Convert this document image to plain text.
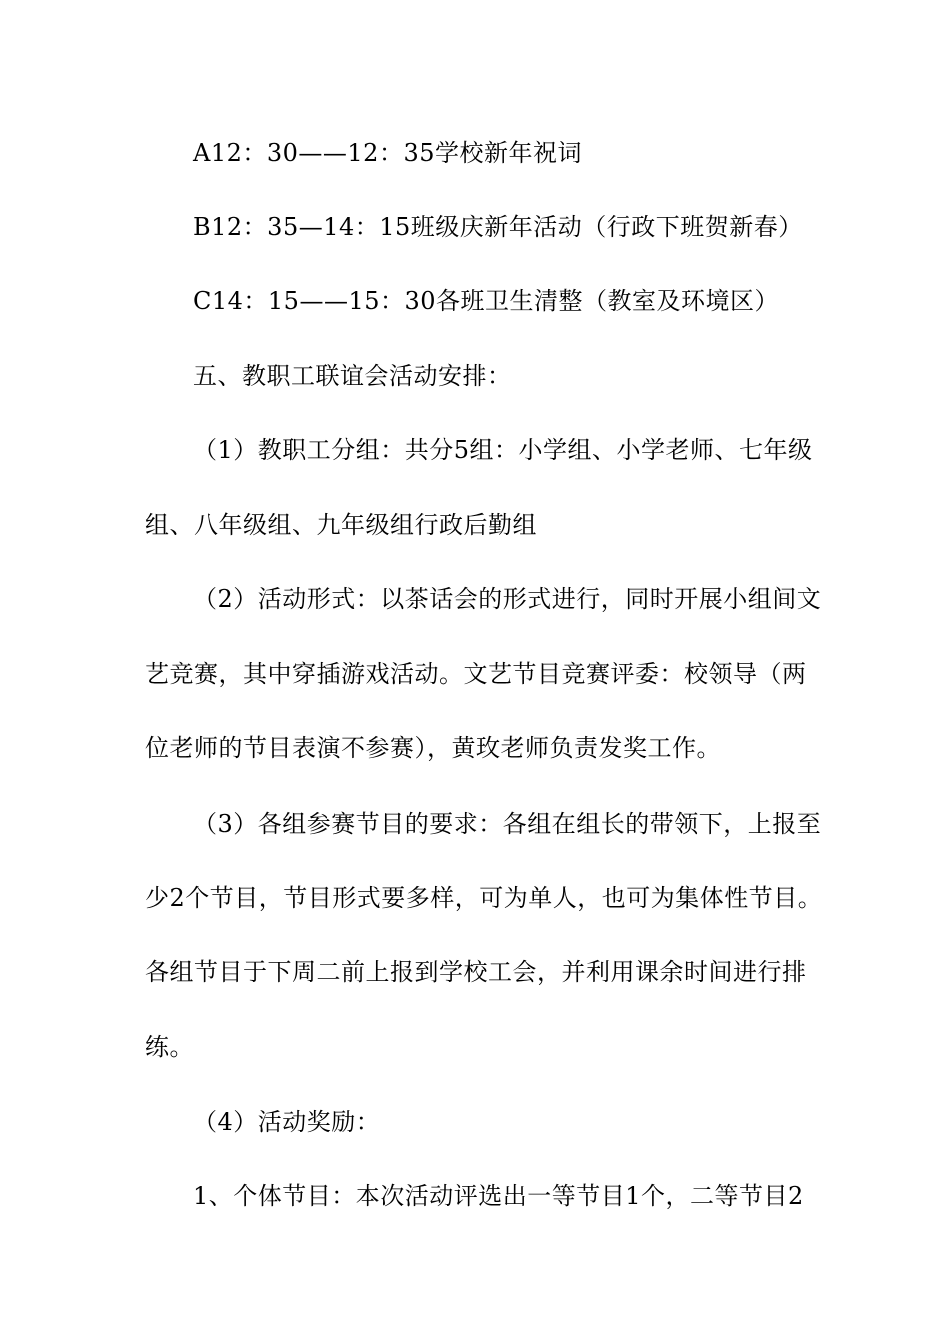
A12：30——12：35学校新年祝词
B12：35—14：15班级庆新年活动（行政下班贺新春）
C14：15——15：30各班卫生清整（教室及环境区）
五、教职工联谊会活动安排：
（1）教职工分组：共分5组：小学组、小学老师、七年级
组、八年级组、九年级组行政后勤组
（2）活动形式：以茶话会的形式进行，同时开展小组间文
艺竞赛，其中穿插游戏活动。文艺节目竞赛评委：校领导（两
位老师的节目表演不参赛），黄玫老师负责发奖工作。
（3）各组参赛节目的要求：各组在组长的带领下，上报至
少2个节目，节目形式要多样，可为单人，也可为集体性节目。
各组节目于下周二前上报到学校工会，并利用课余时间进行排
练。
（4）活动奖励：
1、个体节目：本次活动评选出一等节目1个，二等节目2
